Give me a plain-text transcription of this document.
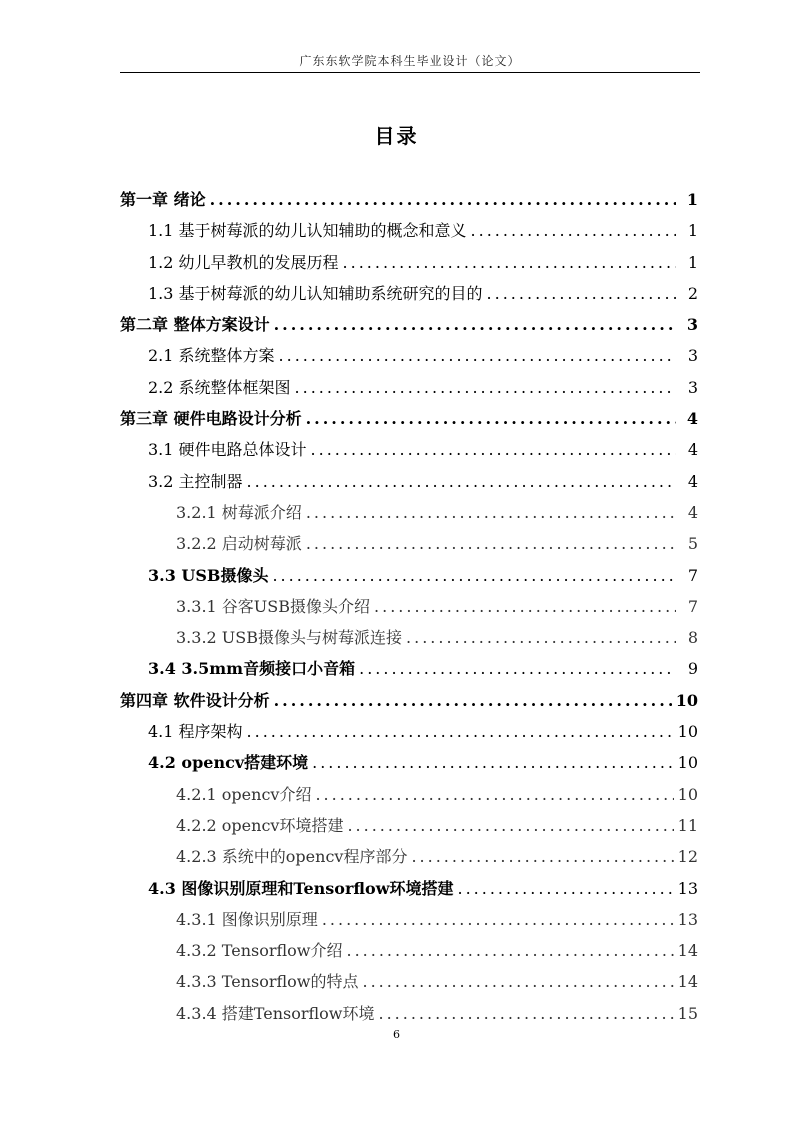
广东东软学院本科生毕业设计（论文）
目录
第一章 绪论 .....	1
1.1 基于树莓派的幼儿认知辅助的概念和意义 .....	1
1.2 幼儿早教机的发展历程 .....	1
1.3 基于树莓派的幼儿认知辅助系统研究的目的 .....	2
第二章 整体方案设计 .....	3
2.1 系统整体方案 .....	3
2.2 系统整体框架图 .....	3
第三章 硬件电路设计分析 .....	4
3.1 硬件电路总体设计 .....	4
3.2 主控制器 .....	4
3.2.1 树莓派介绍 .....	4
3.2.2 启动树莓派 .....	5
3.3 USB摄像头 .....	7
3.3.1 谷客USB摄像头介绍 .....	7
3.3.2 USB摄像头与树莓派连接 .....	8
3.4 3.5mm音频接口小音箱 .....	9
第四章 软件设计分析 .....	10
4.1 程序架构 .....	10
4.2 opencv搭建环境 .....	10
4.2.1 opencv介绍 .....	10
4.2.2 opencv环境搭建 .....	11
4.2.3 系统中的opencv程序部分 .....	12
4.3 图像识别原理和Tensorflow环境搭建 .....	13
4.3.1 图像识别原理 .....	13
4.3.2 Tensorflow介绍 .....	14
4.3.3 Tensorflow的特点 .....	14
4.3.4 搭建Tensorflow环境 .....	15
6
